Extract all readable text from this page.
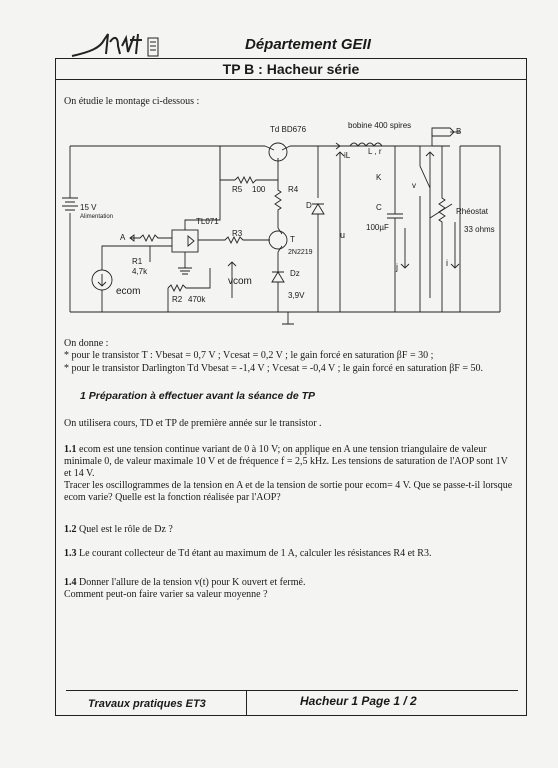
Département GEII
TP B : Hacheur série
On étudie le montage ci-dessous :
Td BD676	bobine 400 spires
B
iL L , r
R5 100	R4
D
K
v
C
100µF
Rhéostat
33 ohms
15 V
Alimentation	TL071
A
R1
4,7k
R3
T
2N2219
u
j	i
ecom
vcom
Dz
3,9V
R2 470k
On donne :
* pour le transistor T : Vbesat = 0,7 V ; Vcesat = 0,2 V ; le gain forcé en saturation βF = 30 ;
* pour le transistor Darlington Td Vbesat = -1,4 V ; Vcesat = -0,4 V ; le gain forcé en saturation βF = 50.
1 Préparation à effectuer avant la séance de TP
On utilisera cours, TD et TP de première année sur le transistor .
1.1 ecom est une tension continue variant de 0 à 10 V; on applique en A une tension triangulaire de valeur minimale 0, de valeur maximale 10 V et de fréquence f = 2,5 kHz. Les tensions de saturation de l'AOP sont 1V et 14 V.
Tracer les oscillogrammes de la tension en A et de la tension de sortie pour ecom= 4 V. Que se passe-t-il lorsque ecom varie? Quelle est la fonction réalisée par l'AOP?
1.2 Quel est le rôle de Dz ?
1.3 Le courant collecteur de Td étant au maximum de 1 A, calculer les résistances R4 et R3.
1.4 Donner l'allure de la tension v(t) pour K ouvert et fermé.
Comment peut-on faire varier sa valeur moyenne ?
Travaux pratiques ET3	Hacheur 1 Page 1 / 2
